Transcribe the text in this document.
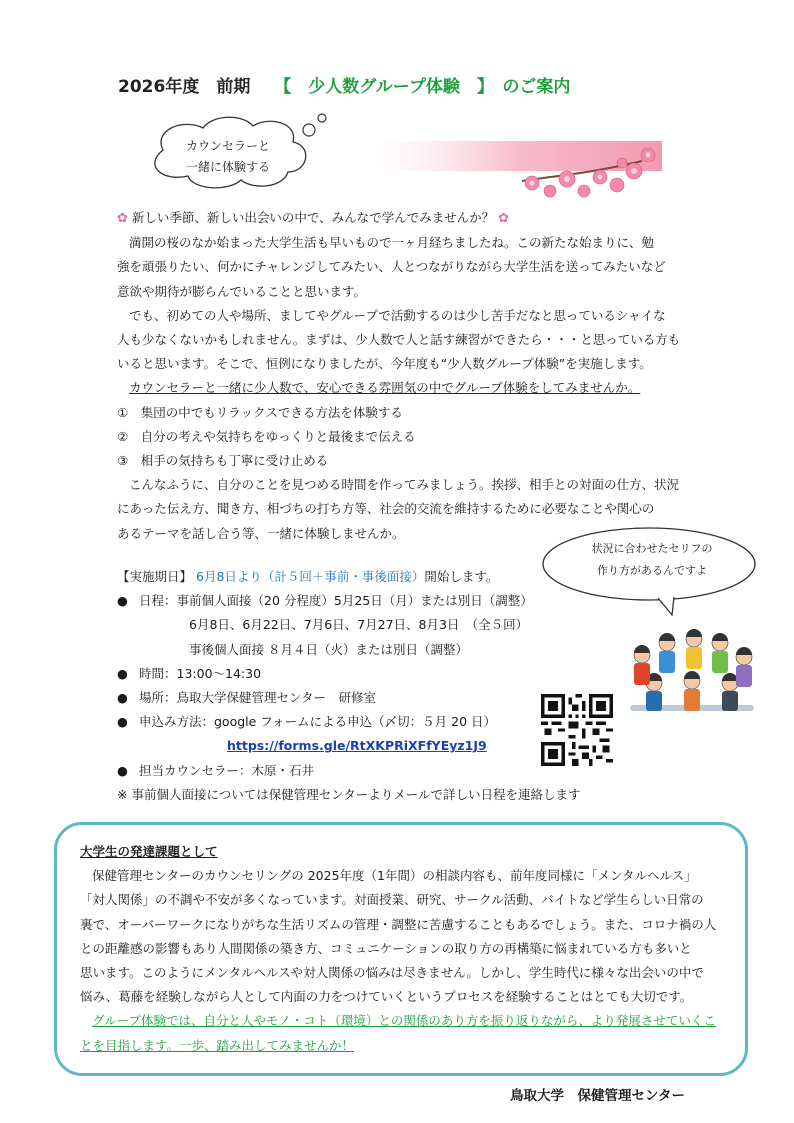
2026年度　前期 【　少人数グループ体験　】　のご案内
カウンセラーと
一緒に体験する
✿ 新しい季節、新しい出会いの中で、みんなで学んでみませんか？ ✿
満開の桜のなか始まった大学生活も早いもので一ヶ月経ちましたね。この新たな始まりに、勉
強を頑張りたい、何かにチャレンジしてみたい、人とつながりながら大学生活を送ってみたいなど
意欲や期待が膨らんでいることと思います。
でも、初めての人や場所、ましてやグループで活動するのは少し苦手だなと思っているシャイな
人も少なくないかもしれません。まずは、少人数で人と話す練習ができたら・・・と思っている方も
いると思います。そこで、恒例になりましたが、今年度も“少人数グループ体験”を実施します。
カウンセラーと一緒に少人数で、安心できる雰囲気の中でグループ体験をしてみませんか。
①　集団の中でもリラックスできる方法を体験する
②　自分の考えや気持ちをゆっくりと最後まで伝える
③　相手の気持ちも丁寧に受け止める
こんなふうに、自分のことを見つめる時間を作ってみましょう。挨拶、相手との対面の仕方、状況
にあった伝え方、聞き方、相づちの打ち方等、社会的交流を維持するために必要なことや関心の
あるテーマを話し合う等、一緒に体験しませんか。
状況に合わせたセリフの
作り方があるんですよ
【実施期日】 6月8日より（計５回＋事前・事後面接）開始します。
● 日程：事前個人面接（20 分程度）5月25日（月）または別日（調整）
6月8日、6月22日、7月6日、7月27日、8月3日　（全５回）
事後個人面接 ８月４日（火）または別日（調整）
● 時間：13:00～14:30
● 場所：鳥取大学保健管理センター　研修室
● 申込み方法：google フォームによる申込（〆切：５月 20 日）
https://forms.gle/RtXKPRiXFfYEyz1J9
● 担当カウンセラー：木原・石井
※ 事前個人面接については保健管理センターよりメールで詳しい日程を連絡します
大学生の発達課題として
保健管理センターのカウンセリングの 2025年度（1年間）の相談内容も、前年度同様に「メンタルヘルス」
「対人関係」の不調や不安が多くなっています。対面授業、研究、サークル活動、バイトなど学生らしい日常の
裏で、オーバーワークになりがちな生活リズムの管理・調整に苦慮することもあるでしょう。また、コロナ禍の人
との距離感の影響もあり人間関係の築き方、コミュニケーションの取り方の再構築に悩まれている方も多いと
思います。このようにメンタルヘルスや対人関係の悩みは尽きません。しかし、学生時代に様々な出会いの中で
悩み、葛藤を経験しながら人として内面の力をつけていくというプロセスを経験することはとても大切です。
グループ体験では、自分と人やモノ・コト（環境）との関係のあり方を振り返りながら、より発展させていくこ
とを目指します。一歩、踏み出してみませんか！
鳥取大学　保健管理センター
